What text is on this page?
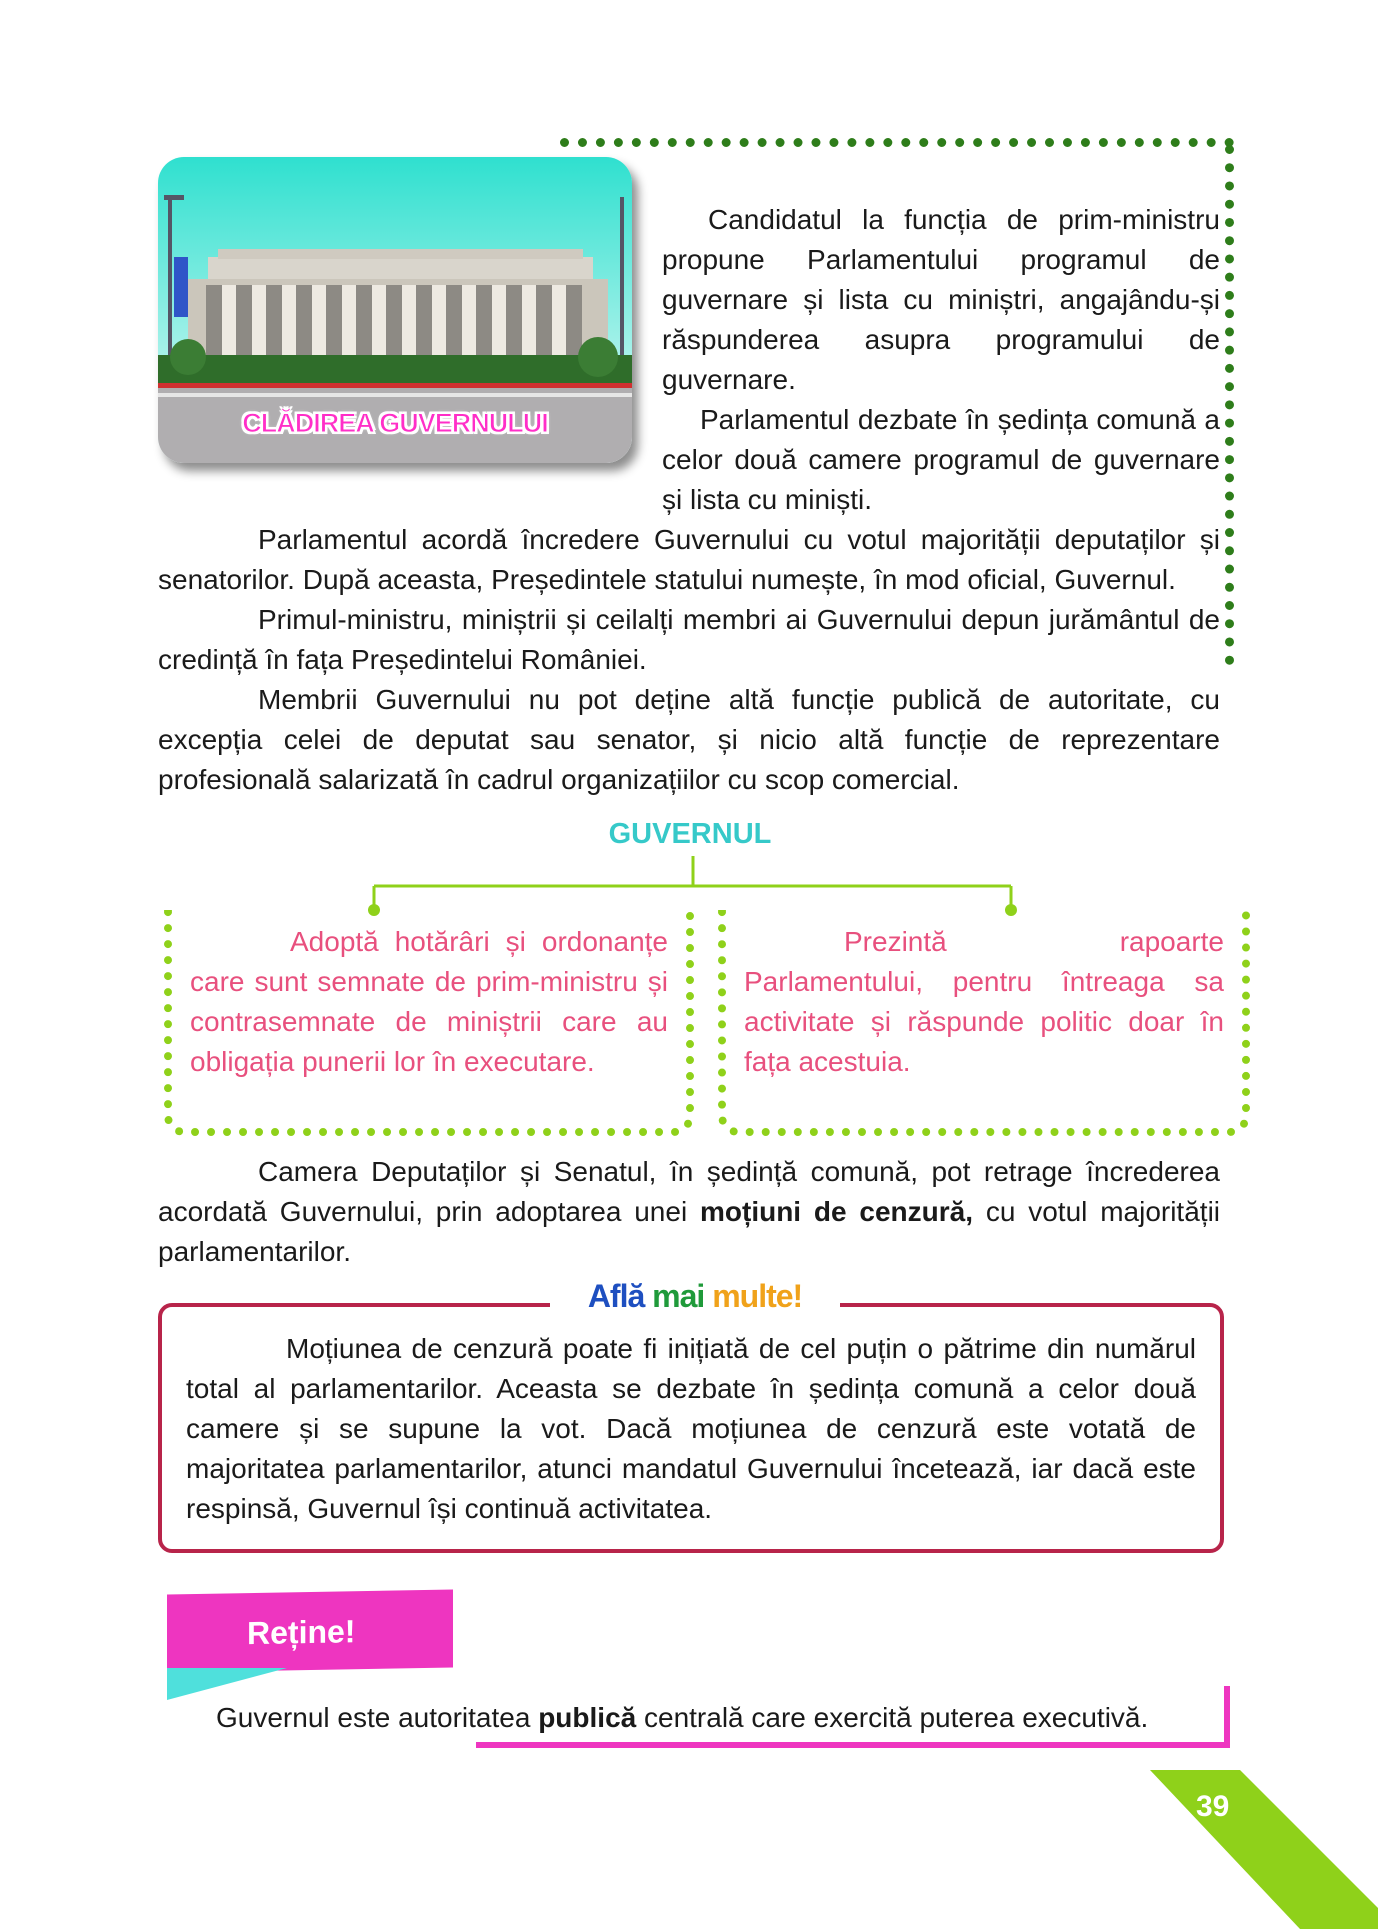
CLĂDIREA GUVERNULUI

Candidatul la funcția de prim-ministru propune Parlamentului programul de guvernare și lista cu miniștri, angajându-și răspunderea asupra programului de guvernare.

Parlamentul dezbate în ședința comună a celor două camere programul de guvernare și lista cu miniști.

Parlamentul acordă încredere Guvernului cu votul majorității deputaților și senatorilor. După aceasta, Președintele statului numește, în mod oficial, Guvernul.

Primul-ministru, miniștrii și ceilalți membri ai Guvernului depun jurământul de credință în fața Președintelui României.

Membrii Guvernului nu pot deține altă funcție publică de autoritate, cu excepția celei de deputat sau senator, și nicio altă funcție de reprezentare profesională salarizată în cadrul organizațiilor cu scop comercial.

GUVERNUL

Adoptă hotărâri și ordonanțe care sunt semnate de prim-ministru și contrasemnate de miniștrii care au obligația punerii lor în executare.

Prezintă rapoarte Parlamentului, pentru întreaga sa activitate și răspunde politic doar în fața acestuia.

Camera Deputaților și Senatul, în ședință comună, pot retrage încrederea acordată Guvernului, prin adoptarea unei moțiuni de cenzură, cu votul majorității parlamentarilor.

Moțiunea de cenzură poate fi inițiată de cel puțin o pătrime din numărul total al parlamentarilor. Aceasta se dezbate în ședința comună a celor două camere și se supune la vot. Dacă moțiunea de cenzură este votată de majoritatea parlamentarilor, atunci mandatul Guvernului încetează, iar dacă este respinsă, Guvernul își continuă activitatea.

Află mai multe!
Reține!

Guvernul este autoritatea publică centrală care exercită puterea executivă.

39
